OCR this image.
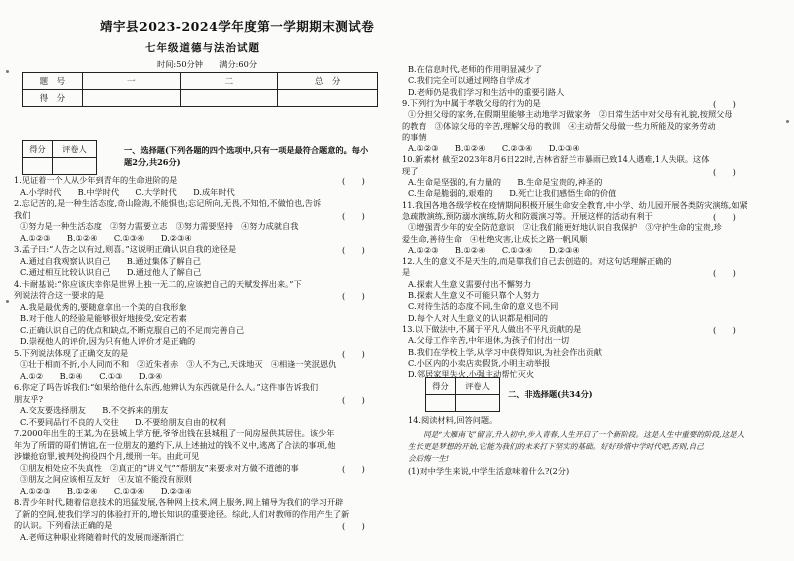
靖宇县2023-2024学年度第一学期期末测试卷
七年级道德与法治试题
时间:50分钟　　满分:60分
题　号	一	二	总　分
得　分			
得分	评卷人
		一、选择题(下列各题的四个选项中,只有一项是最符合题意的。每小
题2分,共26分)
1.见证着一个人从少年到青年的生命进阶的是	(　　)
A.小学时代　　B.中学时代　　C.大学时代　　D.成年时代
2.忘记苦的,是一种生活态度,奇山险海,不能惧也;忘记所向,无畏,不知怕,不做怕也,告诉
我们	(　　)
①努力是一种生活态度　②努力需要立志　③努力需要坚持　④努力成就自我
A.①②③　　B.①②④　　C.①③④　　D.②③④
3.孟子曰:“人告之以有过,则喜。”这说明正确认识自我的途径是	(　　)
A.通过自我观察认识自己　　B.通过集体了解自己
C.通过相互比较认识自己　　D.通过他人了解自己
4.卡耐基说:“你应该庆幸你是世界上独一无二的,应该把自己的天赋发挥出来。”下
列说法符合这一要求的是	(　　)
A.我是最优秀的,要随意拿出一个美的自我形象
B.对于他人的经验是能够很好地接受,安定若素
C.正确认识自己的优点和缺点,不断克服自己的不足而完善自己
D.崇视他人的评价,因为只有他人评价才是正确的
5.下列说法体现了正确交友的是	(　　)
①壮于相而不折,小人同而不和　②近朱者赤　③人不为己,天诛地灭　④相逢一笑泯恩仇
A.①②　　B.②④　　C.①③　　D.③④
6.你定了吗告诉我们:“如果给他什么东西,他辨认为东西就是什么人。”这件事告诉我们
朋友乎?	(　　)
A.交友要选择朋友　　B.不交拆来的朋友
C.不要同品行不良的人交往　　D.不要给朋友自由的权利
7.2000年出生的王某,为在县城上学方便,爷爷出钱在县城租了一间房屋供其居住。该少年
年为了所谓的哥们情谊,在一位朋友的邀约下,从上述抽过的钱不义中,逃离了合法的事项,他
涉嫌抢窃罪,被判处拘役四个月,缓刑一年。由此可见
①朋友相处应不失真性　②真正的“讲义气”“帮朋友”来要求对方做不道德的事	(　　)
③朋友之间应该相互友好　④友谊不能没有原则
A.①②③　　B.①②④　　C.①③④　　D.②③④
8.青少年时代,随着信息技术的迅猛发展,各种网上技术,网上服务,网上辅导为我们的学习开辟
了新的空间,使我们学习的体验打开的,增长知识的重要途径。综此,人们对教师的作用产生了新
的认识。下列看法正确的是	(　　)
A.老师这种职业将随着时代的发展而逐渐消亡
B.在信息时代,老师的作用明显减少了
C.我们完全可以通过网络自学成才
D.老师仍是我们学习和生活中的重要引路人
9.下列行为中属于孝敬父母的行为的是	(　　)
①分担父母的家务,在假期里能够主动地学习做家务　②日常生活中对父母有礼貌,按照父母
的教育　③体谅父母的辛苦,理解父母的教训　④主动帮父母做一些力所能及的家务劳动
的事情
A.①②③　　B.①②④　　C.②③④　　D.①③④
10.新素材 截至2023年8月6日22时,吉林省舒兰市暴雨已致14人遇难,1人失联。这体
现了	(　　)
A.生命是坚强的,有力量的　　B.生命是宝贵的,神圣的
C.生命是脆弱的,艰难的　　D.死亡让我们感悟生命的价值
11.我国各地各级学校在疫情期间积极开展生命安全教育,中小学、幼儿园开展各类防灾演练,如紧
急疏散演练,预防溺水演练,防火和防震演习等。开展这样的活动有利于	(　　)
①增强青少年的安全防范意识　②让我们能更好地认识自我保护　③守护生命的宝贵,珍
爱生命,善待生命　④杜绝灾害,让成长之路一帆风顺
A.①②③　　B.①②④　　C.①③④　　D.②③④
12.人生的意义不是天生的,而是靠我们自己去创造的。对这句话理解正确的
是	(　　)
A.探索人生意义需要付出不懈努力
B.探索人生意义不可能只靠个人努力
C.对待生活的态度不同,生命的意义也不同
D.每个人对人生意义的认识都是相同的
13.以下做法中,不属于平凡人做出不平凡贡献的是	(　　)
A.父母工作辛苦,中年退休,为孩子们付出一切
B.我们在学校上学,从学习中获得知识,为社会作出贡献
C.小区内的小卖店卖假货,小明主动举报
D.邻居家里失火,小强主动帮忙灭火
得分	评卷人

二、非选择题(共34分)
14.阅读材料,回答问题。
　　同是“大雁南飞”留言,升入初中,步入青春,人生开启了一个新阶段。这是人生中重要的阶段,这是人
生长更是梦想的开始,它能为我们的未来打下坚实的基础。好好珍惜中学时代吧,否则,自己
会后悔一生!
(1)对中学生来说,中学生活意味着什么?(2分)
